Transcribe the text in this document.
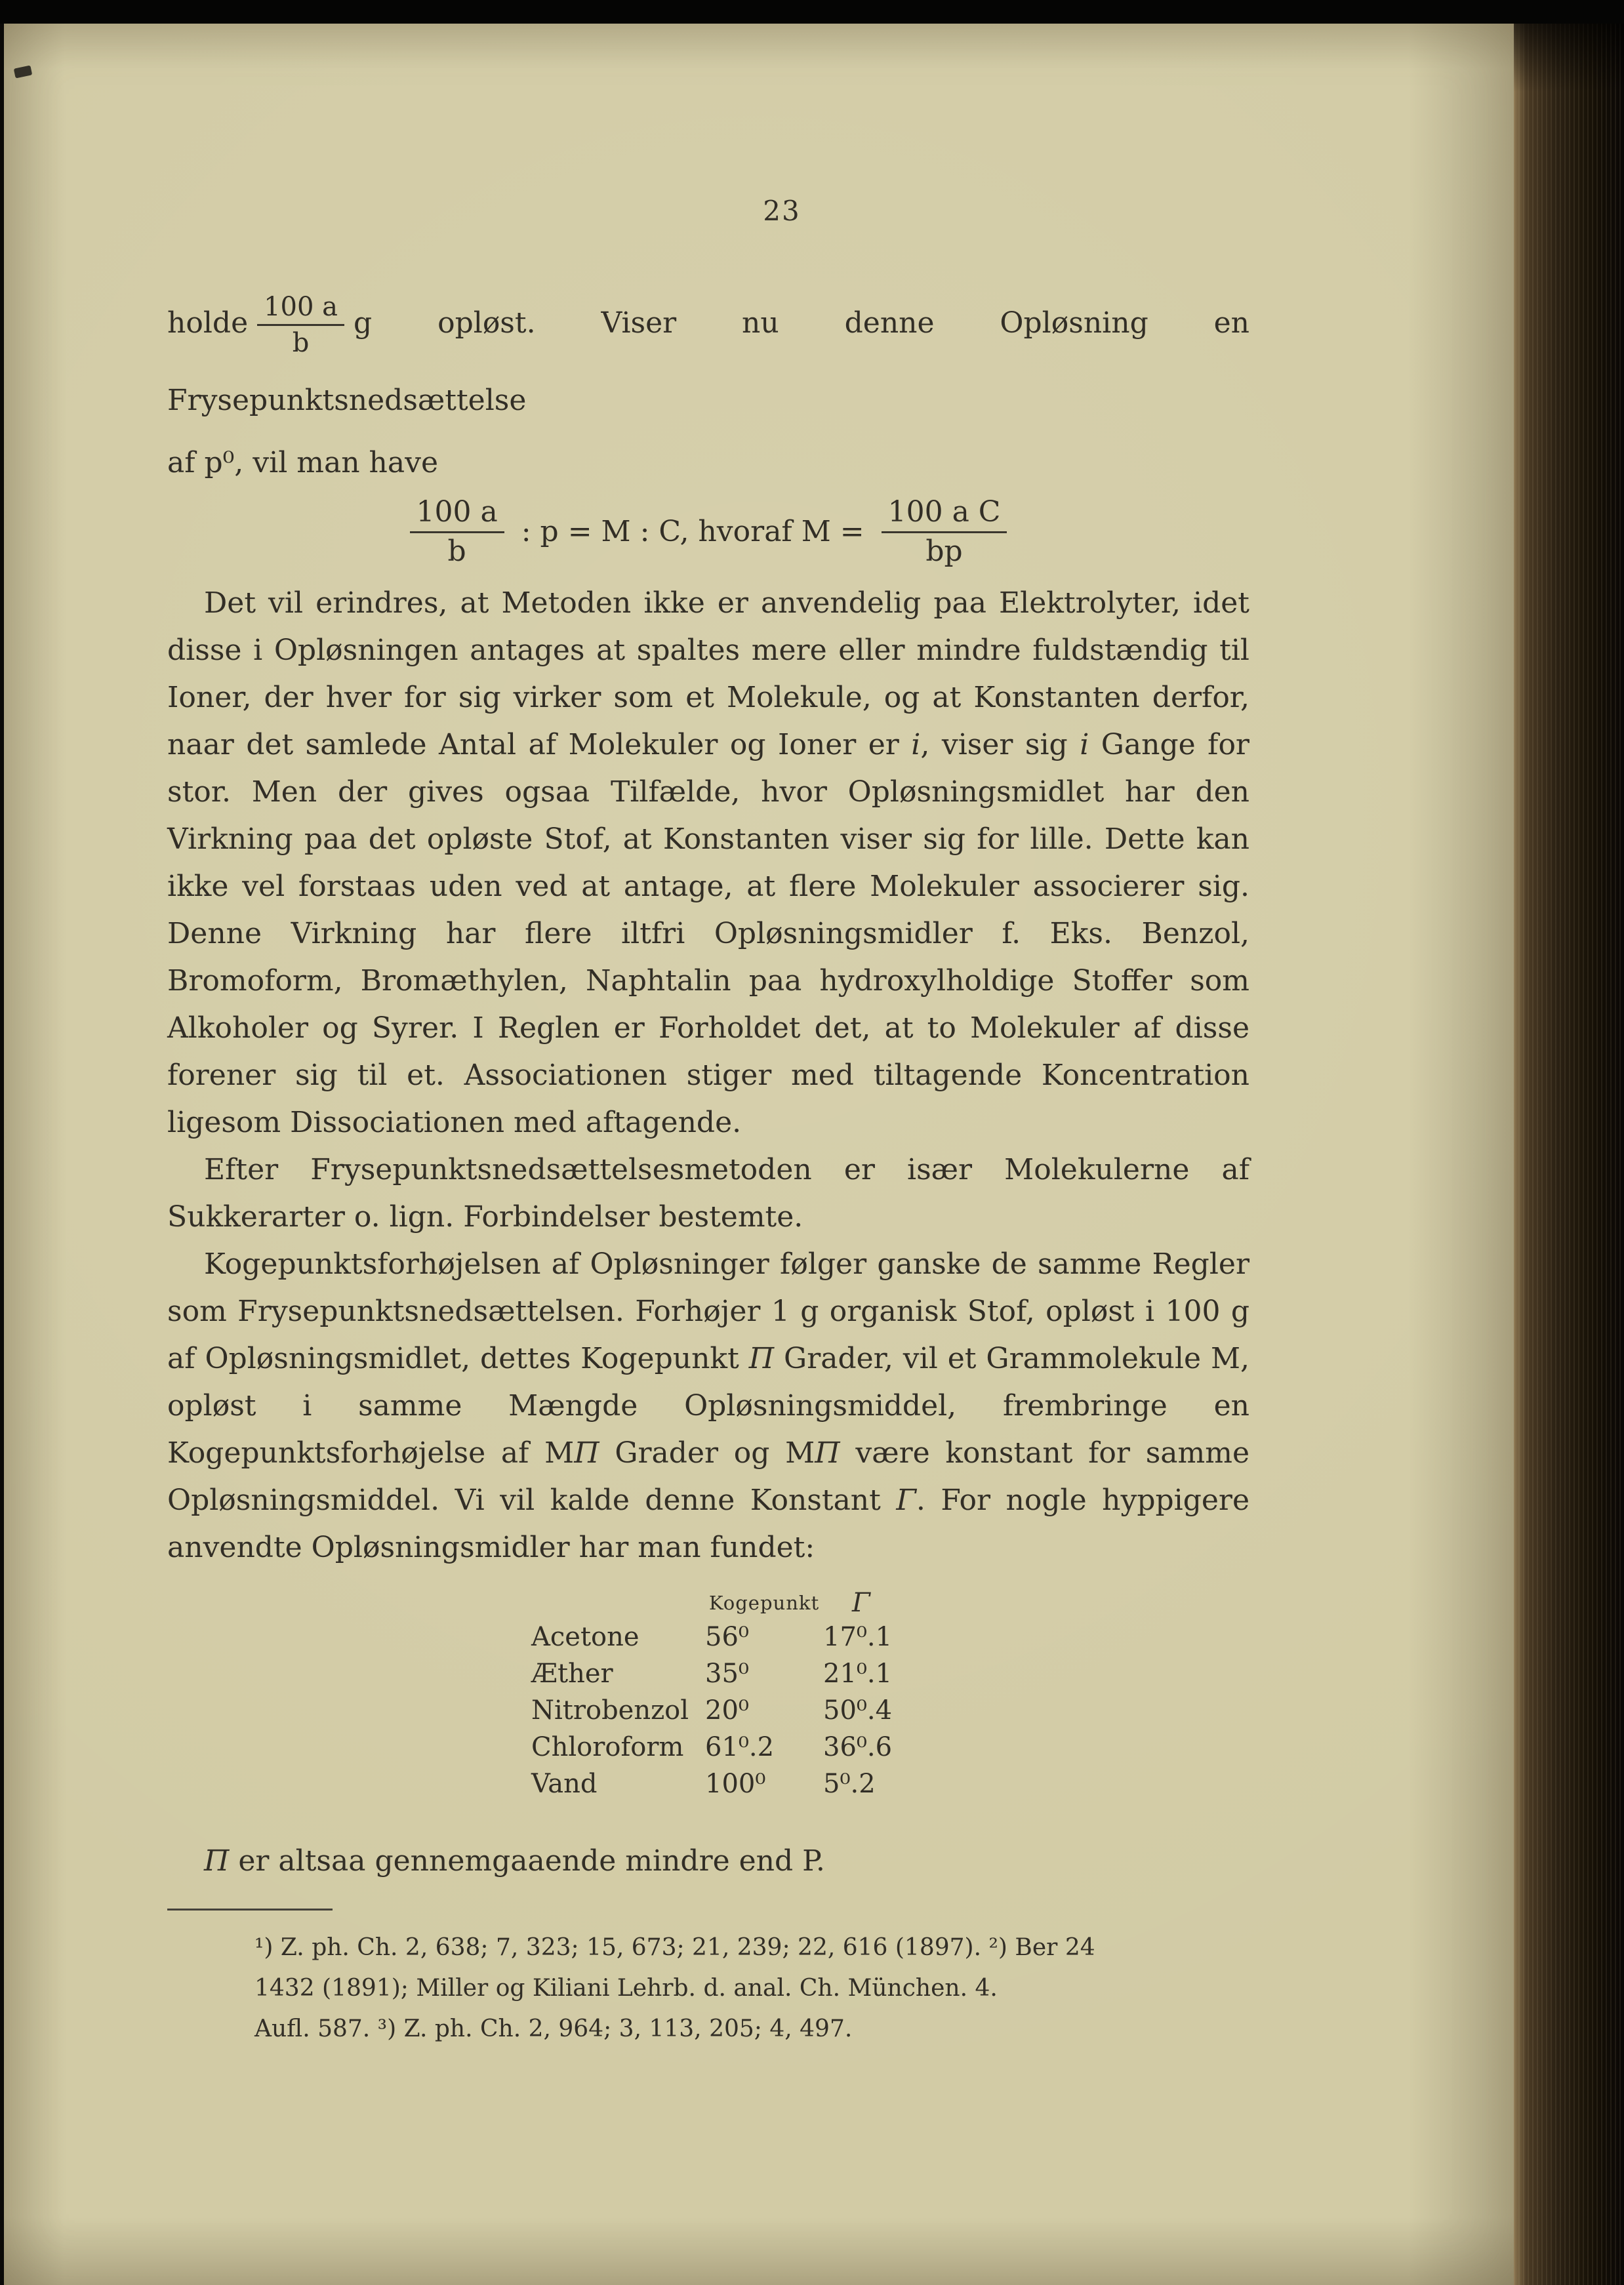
23
holde $\frac{100 a}{b}$ g opløst. Viser nu denne Opløsning en Frysepunktsnedsættelse
af p⁰, vil man have
$\frac{100 a}{b}$ : p = M : C, hvoraf $M = \frac{\text{100 a C}}{bp}$

Det vil erindres, at Metoden ikke er anvendelig paa Elektrolyter, idet disse i Opløsningen antages at spaltes mere eller mindre fuldstændig til Ioner, der hver for sig virker som et Molekule, og at Konstanten derfor, naar det samlede Antal af Molekuler og Ioner er i, viser sig i Gange for stor. Men der gives ogsaa Tilfælde, hvor Opløsningsmidlet har den Virkning paa det opløste Stof, at Konstanten viser sig for lille. Dette kan ikke vel forstaas uden ved at antage, at flere Molekuler associerer sig. Denne Virkning har flere iltfri Opløsningsmidler f. Eks. Benzol, Bromoform, Bromæthylen, Naphtalin paa hydroxylholdige Stoffer som Alkoholer og Syrer. I Reglen er Forholdet det, at to Molekuler af disse forener sig til et. Associationen stiger med tiltagende Koncentration ligesom Dissociationen med aftagende.

Efter Frysepunktsnedsættelsesmetoden er især Molekulerne af Sukkerarter o. lign. Forbindelser bestemte.

Kogepunktsforhøjelsen af Opløsninger følger ganske de samme Regler som Frysepunktsnedsættelsen. Forhøjer 1 g organisk Stof, opløst i 100 g af Opløsningsmidlet, dettes Kogepunkt Π Grader, vil et Grammolekule M, opløst i samme Mængde Opløsningsmiddel, frembringe en Kogepunktsforhøjelse af MΠ Grader og MΠ være konstant for samme Opløsningsmiddel. Vi vil kalde denne Konstant Γ. For nogle hyppigere anvendte Opløsningsmidler har man fundet:

Kogepunkt	Γ
Acetone	56⁰	17⁰.1
Æther	35⁰	21⁰.1
Nitrobenzol 20⁰	50⁰.4
Chloroform 61⁰.2	36⁰.6
Vand	100⁰	5⁰.2

Π er altsaa gennemgaaende mindre end P.

¹) Z. ph. Ch. 2, 638; 7, 323; 15, 673; 21, 239; 22, 616 (1897). ²) Ber 24
1432 (1891); Miller og Kiliani Lehrb. d. anal. Ch. München. 4.
Aufl. 587. ³) Z. ph. Ch. 2, 964; 3, 113, 205; 4, 497.
